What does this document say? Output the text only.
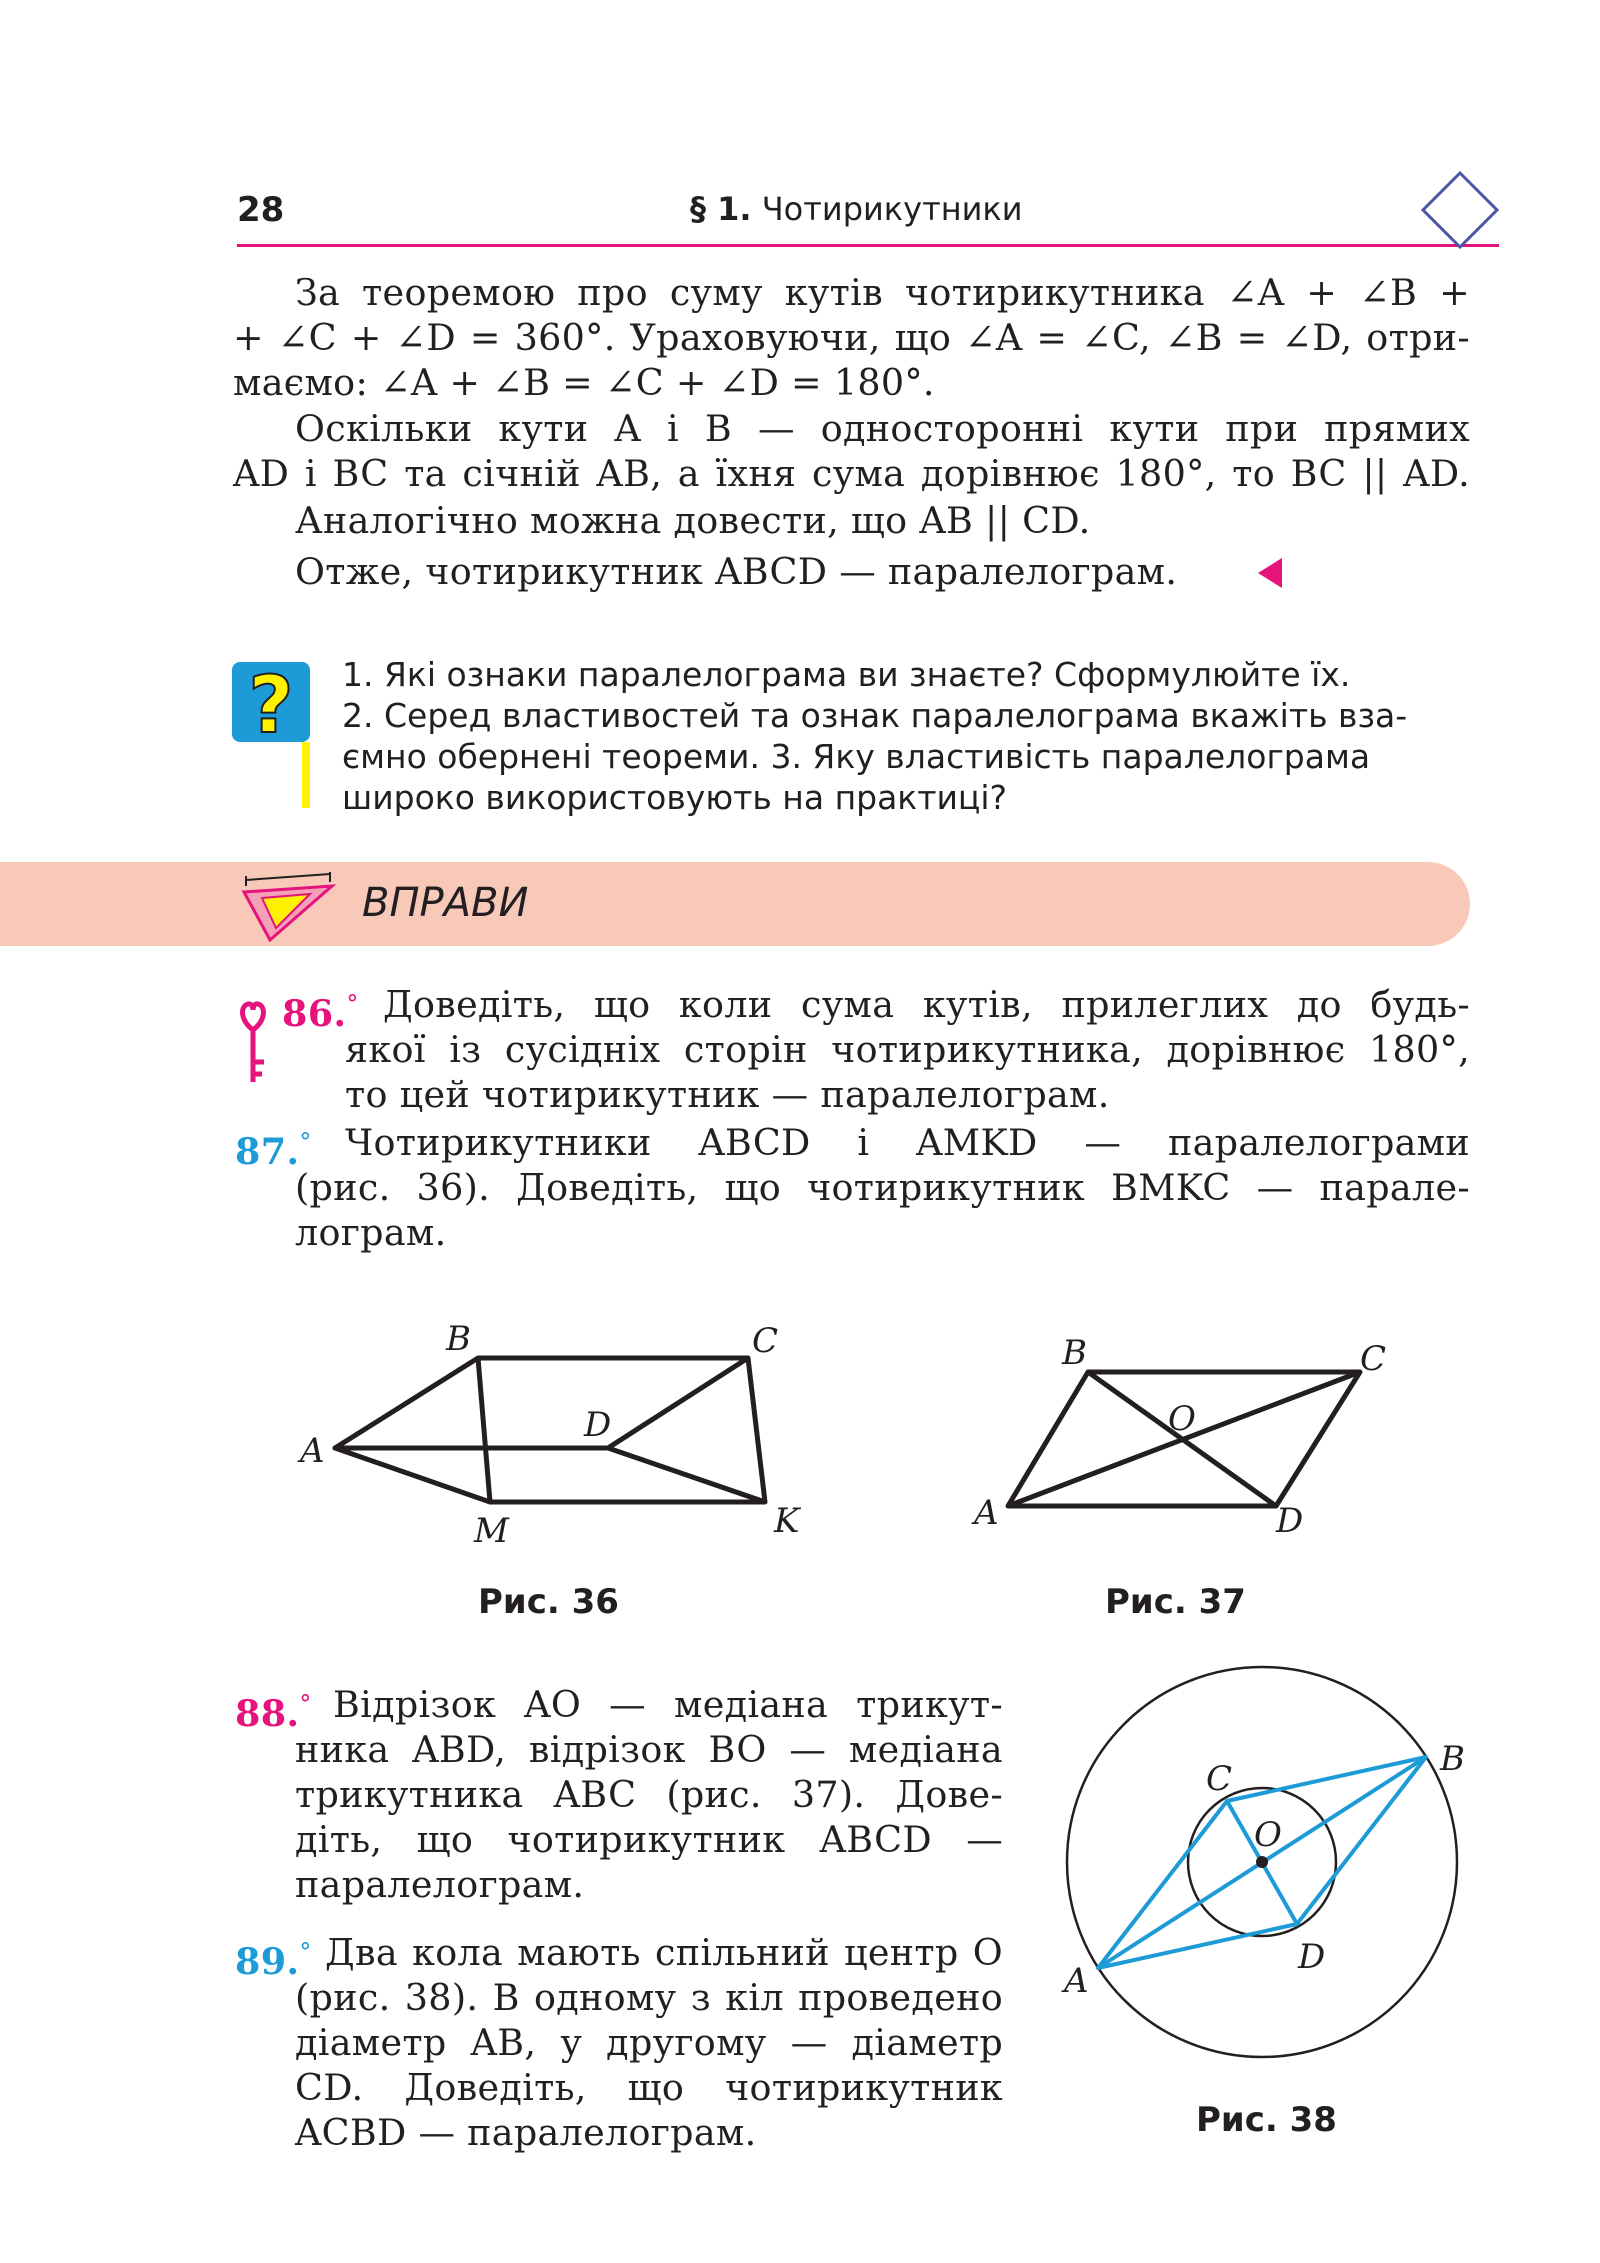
28	§ 1. Чотирикутники
За теоремою про суму кутів чотирикутника ∠A + ∠B +
+ ∠C + ∠D = 360°. Ураховуючи, що ∠A = ∠C, ∠B = ∠D, отри-
маємо: ∠A + ∠B = ∠C + ∠D = 180°.
Оскільки кути A і B — односторонні кути при прямих
AD і BC та січній AB, а їхня сума дорівнює 180°, то BC || AD.
Аналогічно можна довести, що AB || CD.
Отже, чотирикутник ABCD — паралелограм.
? 1. Які ознаки паралелограма ви знаєте? Сформулюйте їх.
2. Серед властивостей та ознак паралелограма вкажіть вза-
ємно обернені теореми. 3. Яку властивість паралелограма
широко використовують на практиці?
ВПРАВИ
86.° Доведіть, що коли сума кутів, прилеглих до будь-
якої із сусідніх сторін чотирикутника, дорівнює 180°,
то цей чотирикутник — паралелограм.
87.° Чотирикутники ABCD і AMKD — паралелограми
(рис. 36). Доведіть, що чотирикутник BMKC — парале-
лограм.
B	C
A
D
M	K
Рис. 36
B	C
O
A	D
Рис. 37
88.° Відрізок AO — медіана трикут-
ника ABD, відрізок BO — медіана
трикутника ABC (рис. 37). Дове-
діть, що чотирикутник ABCD —
паралелограм.
89.° Два кола мають спільний центр O
(рис. 38). В одному з кіл проведено
діаметр AB, у другому — діаметр
CD. Доведіть, що чотирикутник
ACBD — паралелограм.
A
B
C
D
O
Рис. 38
